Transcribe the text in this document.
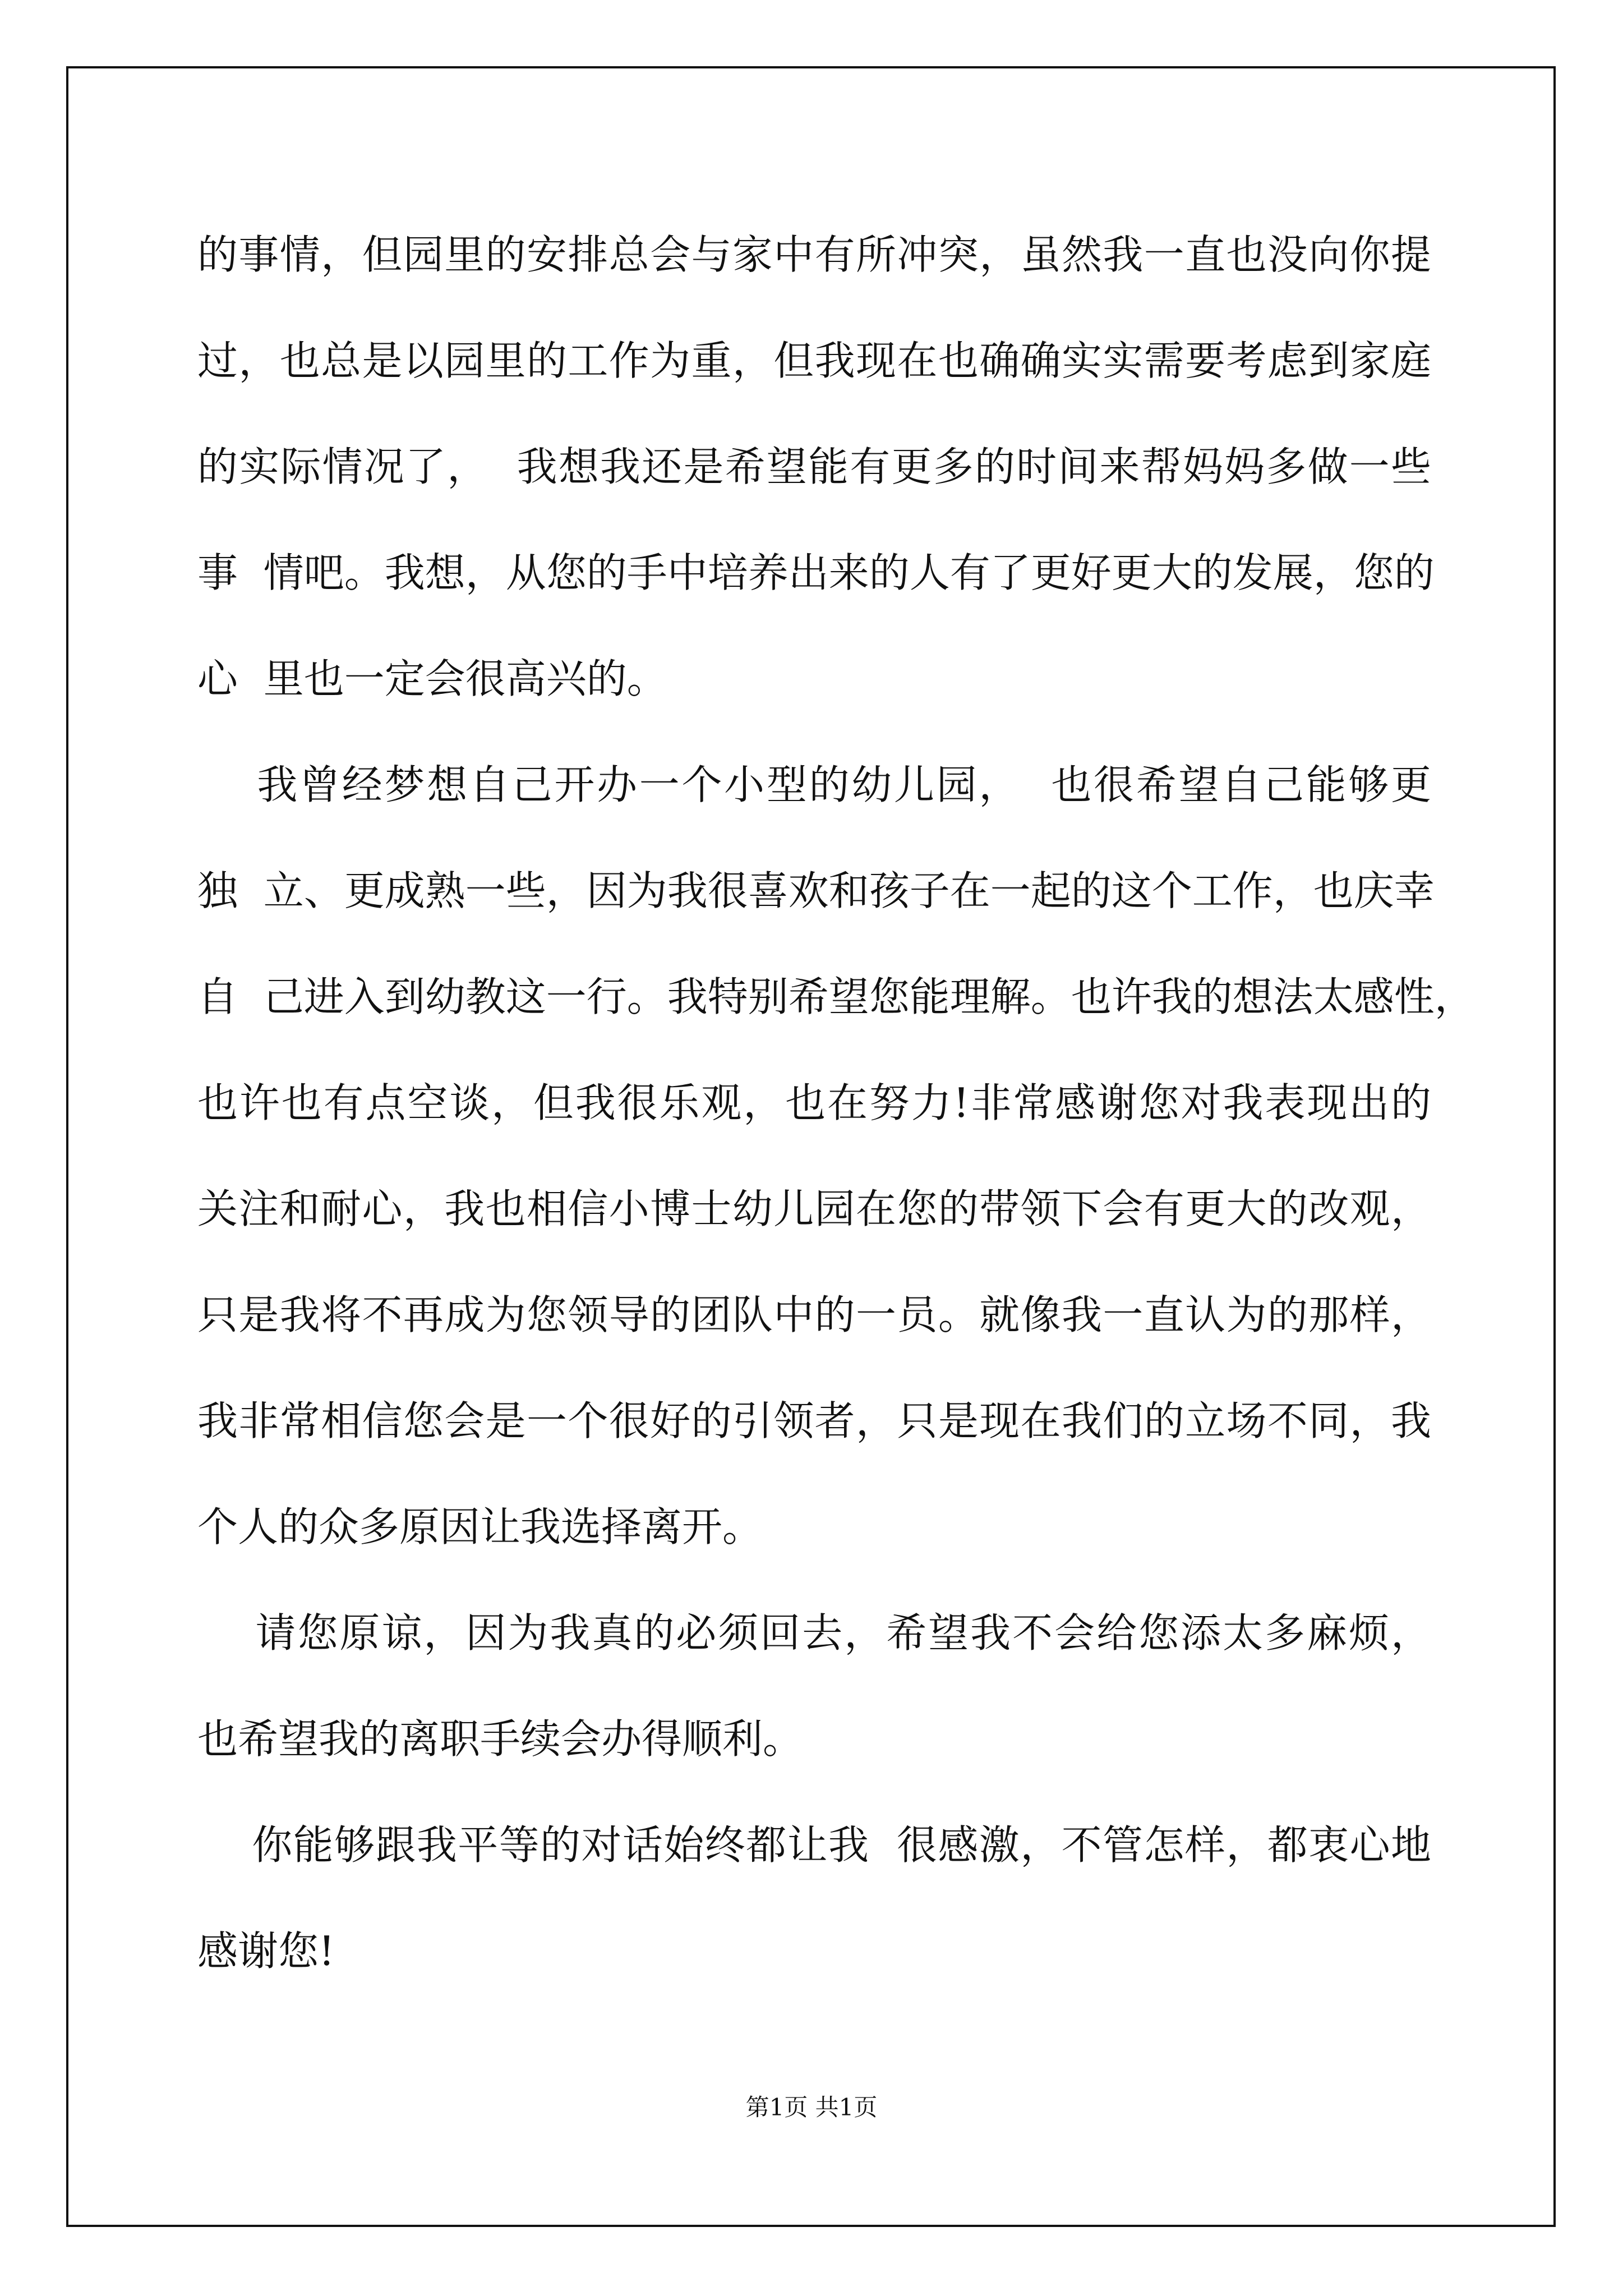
的事情，但园里的安排总会与家中有所冲突，虽然我一直也没向你提
过，也总是以园里的工作为重，但我现在也确确实实需要考虑到家庭
的实际情况了，  我想我还是希望能有更多的时间来帮妈妈多做一些
事  情吧。我想，从您的手中培养出来的人有了更好更大的发展，您的
心  里也一定会很高兴的。
我曾经梦想自己开办一个小型的幼儿园，  也很希望自己能够更
独  立、更成熟一些，因为我很喜欢和孩子在一起的这个工作，也庆幸
自  己进入到幼教这一行。我特别希望您能理解。也许我的想法太感性，
也许也有点空谈，但我很乐观，也在努力!非常感谢您对我表现出的
关注和耐心，我也相信小博士幼儿园在您的带领下会有更大的改观，
只是我将不再成为您领导的团队中的一员。就像我一直认为的那样，
我非常相信您会是一个很好的引领者，只是现在我们的立场不同，我
个人的众多原因让我选择离开。
请您原谅，因为我真的必须回去，希望我不会给您添太多麻烦，
也希望我的离职手续会办得顺利。
你能够跟我平等的对话始终都让我  很感激，不管怎样，都衷心地
感谢您!
第1页 共1页
